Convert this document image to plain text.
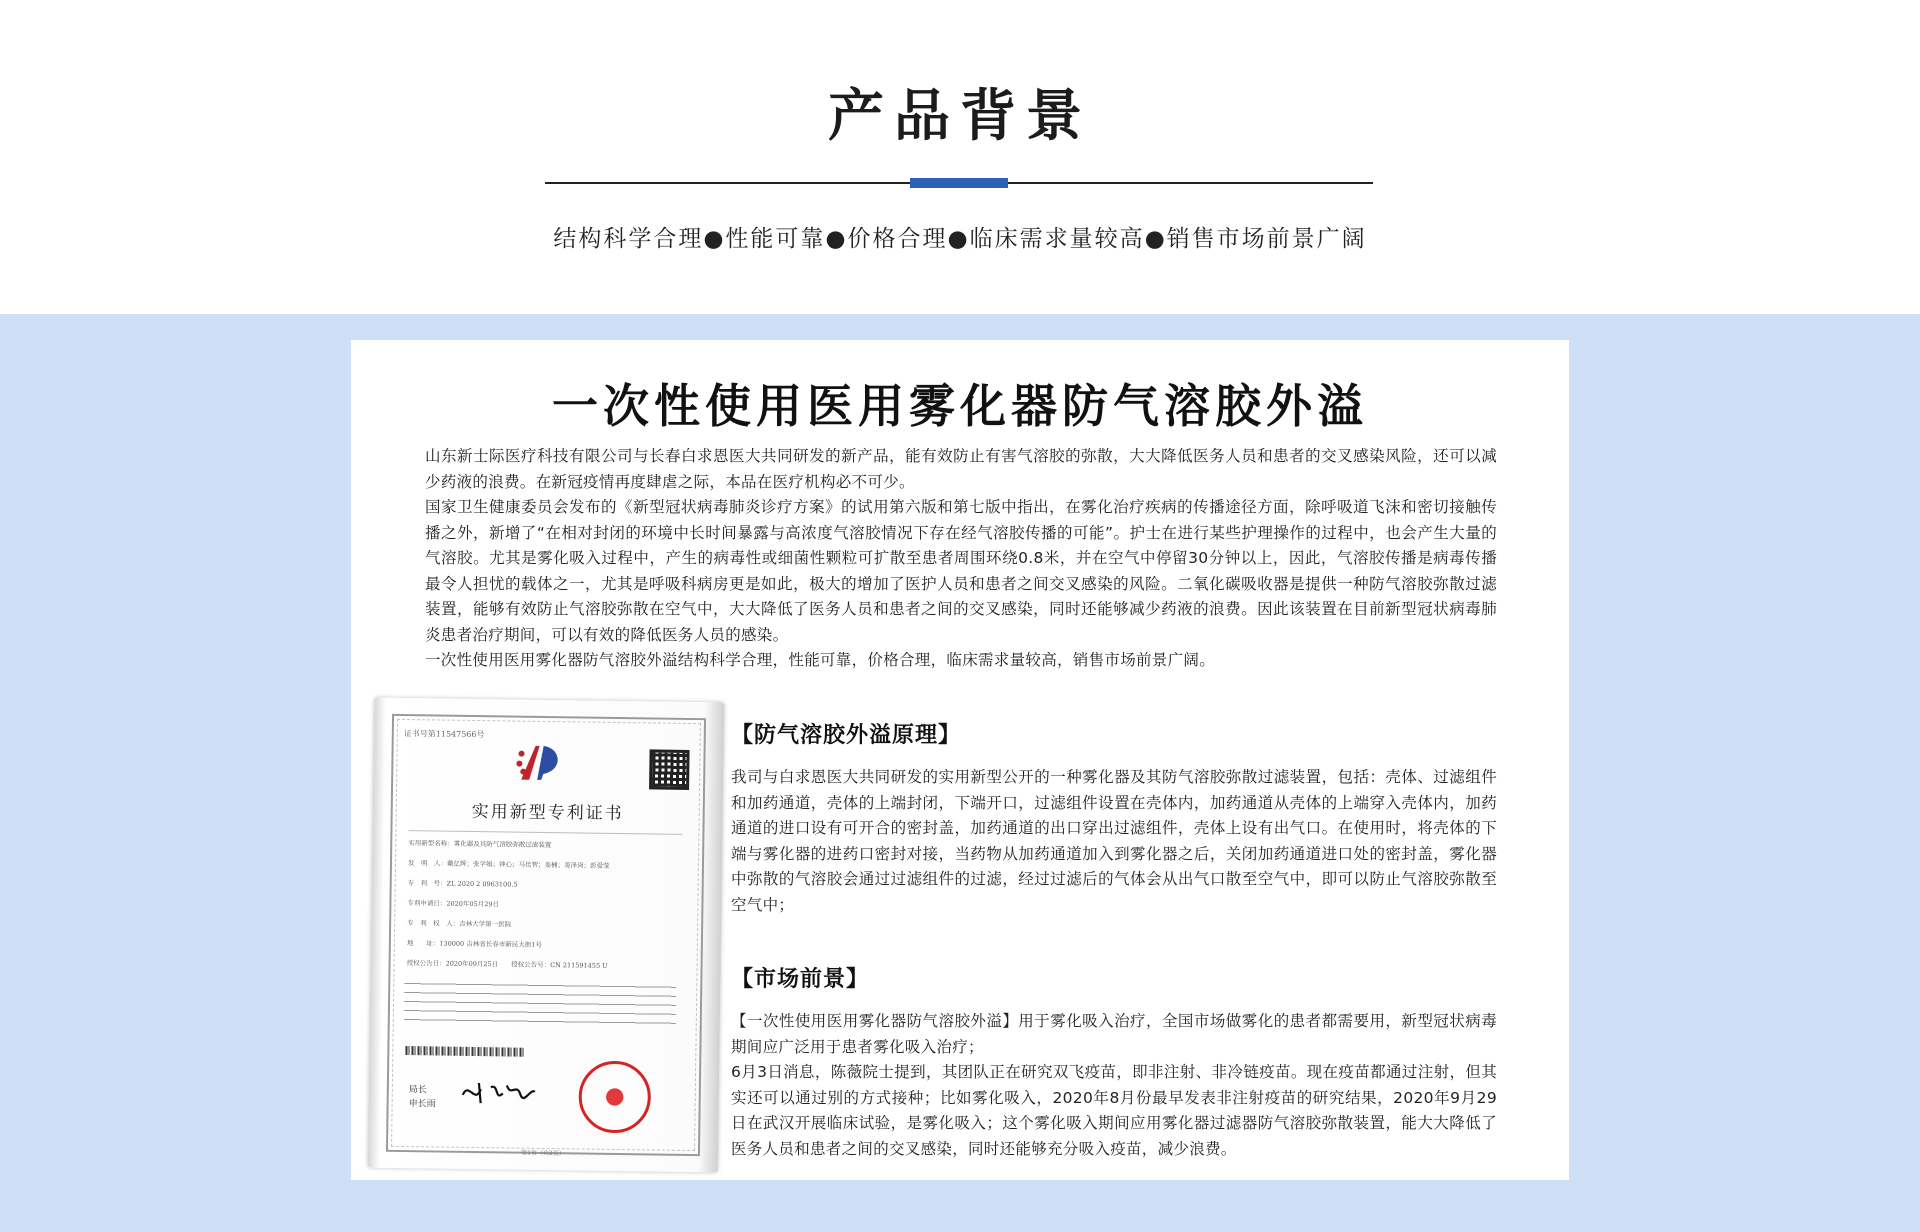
产品背景
结构科学合理●性能可靠●价格合理●临床需求量较高●销售市场前景广阔
一次性使用医用雾化器防气溶胶外溢

山东新士际医疗科技有限公司与长春白求恩医大共同研发的新产品，能有效防止有害气溶胶的弥散，大大降低医务人员和患者的交叉感染风险，还可以减少药液的浪费。在新冠疫情再度肆虐之际，本品在医疗机构必不可少。

国家卫生健康委员会发布的《新型冠状病毒肺炎诊疗方案》的试用第六版和第七版中指出，在雾化治疗疾病的传播途径方面，除呼吸道飞沫和密切接触传播之外，新增了“在相对封闭的环境中长时间暴露与高浓度气溶胶情况下存在经气溶胶传播的可能”。护士在进行某些护理操作的过程中，也会产生大量的气溶胶。尤其是雾化吸入过程中，产生的病毒性或细菌性颗粒可扩散至患者周围环绕0.8米，并在空气中停留30分钟以上，因此，气溶胶传播是病毒传播最令人担忧的载体之一，尤其是呼吸科病房更是如此，极大的增加了医护人员和患者之间交叉感染的风险。二氧化碳吸收器是提供一种防气溶胶弥散过滤装置，能够有效防止气溶胶弥散在空气中，大大降低了医务人员和患者之间的交叉感染，同时还能够减少药液的浪费。因此该装置在目前新型冠状病毒肺炎患者治疗期间，可以有效的降低医务人员的感染。

一次性使用医用雾化器防气溶胶外溢结构科学合理，性能可靠，价格合理，临床需求量较高，销售市场前景广阔。

证书号第11547566号
实用新型专利证书
实用新型名称：雾化器及其防气溶胶弥散过滤装置
发　明　人：戴亿辉；张学娟；钟心；马佳智；姜楠；姜泽岗；彭爱莹
专　利　号：ZL 2020 2 0963100.5
专利申请日：2020年05月29日
专　利　权　人：吉林大学第一医院
地　　址：130000 吉林省长春市新民大街1号
授权公告日：2020年09月25日　　授权公告号：CN 211591455 U
局长
申长雨
第1页（共2页）
【防气溶胶外溢原理】

我司与白求恩医大共同研发的实用新型公开的一种雾化器及其防气溶胶弥散过滤装置，包括：壳体、过滤组件和加药通道，壳体的上端封闭，下端开口，过滤组件设置在壳体内，加药通道从壳体的上端穿入壳体内，加药通道的进口设有可开合的密封盖，加药通道的出口穿出过滤组件，壳体上设有出气口。在使用时，将壳体的下端与雾化器的进药口密封对接，当药物从加药通道加入到雾化器之后，关闭加药通道进口处的密封盖，雾化器中弥散的气溶胶会通过过滤组件的过滤，经过过滤后的气体会从出气口散至空气中，即可以防止气溶胶弥散至空气中；

【市场前景】

【一次性使用医用雾化器防气溶胶外溢】用于雾化吸入治疗，全国市场做雾化的患者都需要用，新型冠状病毒期间应广泛用于患者雾化吸入治疗；

6月3日消息，陈薇院士提到，其团队正在研究双飞疫苗，即非注射、非冷链疫苗。现在疫苗都通过注射，但其实还可以通过别的方式接种；比如雾化吸入，2020年8月份最早发表非注射疫苗的研究结果，2020年9月29日在武汉开展临床试验，是雾化吸入；这个雾化吸入期间应用雾化器过滤器防气溶胶弥散装置，能大大降低了医务人员和患者之间的交叉感染，同时还能够充分吸入疫苗，减少浪费。
